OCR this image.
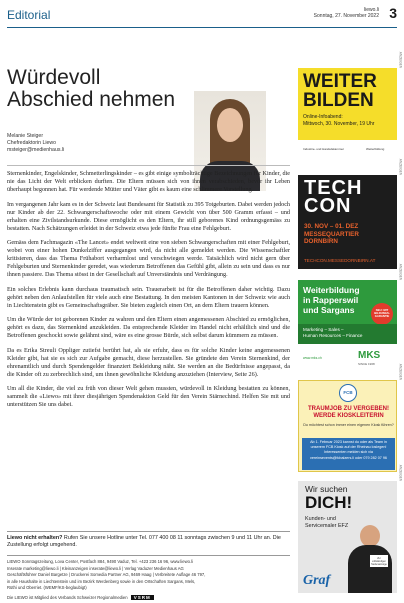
Editorial	liewo.li
Sonntag, 27. November 2022 3
Würdevoll
Abschied nehmen
Melanie Steiger
Chefredaktorin Liewo
msteiger@medienhaus.li

Sternenkinder, Engelskinder, Schmetterlingskinder – es gibt einige symbolträchtige Bezeichnungen für Kinder, die nie das Licht der Welt erblicken durften. Die Eltern müssen sich von ihnen verabschieden, bevor ihr Leben überhaupt begonnen hat. Für werdende Mütter und Väter gibt es kaum eine schlimmere Vorstellung.

Im vergangenen Jahr kam es in der Schweiz laut Bundesamt für Statistik zu 395 Totgeburten. Dabei werden jedoch nur Kinder ab der 22. Schwangerschaftswoche oder mit einem Gewicht von über 500 Gramm erfasst – und erhalten eine Zivilstandsurkunde. Diese ermöglicht es den Eltern, ihr still geborenes Kind ordnungsgemäss zu bestatten. Nach Schätzungen erleidet in der Schweiz etwa jede fünfte Frau eine Fehlgeburt.

Gemäss dem Fachmagazin «The Lancet» endet weltweit eine von sieben Schwangerschaften mit einer Fehlgeburt, wobei von einer hohen Dunkelziffer ausgegangen wird, da nicht alle gemeldet werden. Die Wissenschaftler kritisieren, dass das Thema Frühabort verharmlost und verschwiegen werde. Tatsächlich wird nicht gern über Fehlgeburten und Sternenkinder geredet, was wiederum Betroffenen das Gefühl gibt, allein zu sein und dass es nur ihnen passiere. Das Thema stösst in der Gesellschaft auf Unverständnis und Verdrängung.

Ein solches Erlebnis kann durchaus traumatisch sein. Trauerarbeit ist für die Betroffenen daher wichtig. Dazu gehört neben den Anlaufstellen für viele auch eine Bestattung. In den meisten Kantonen in der Schweiz wie auch in Liechtenstein gibt es Gemeinschaftsgräber. Sie bieten zugleich einen Ort, an dem Eltern trauern können.

Um die Würde der tot geborenen Kinder zu wahren und den Eltern einen angemessenen Abschied zu ermöglichen, gehört es dazu, das Sternenkind anzukleiden. Da entsprechende Kleider im Handel nicht erhältlich sind und die Betroffenen geschockt sowie gelähmt sind, wäre es eine grosse Bürde, sich selbst darum kümmern zu müssen.

Da es Erika Streuli Oppliger zutiefst berührt hat, als sie erfuhr, dass es für solche Kinder keine angemessenen Kleider gibt, hat sie es sich zur Aufgabe gemacht, diese herzustellen. Sie gründete den Verein Sternenkind, der ehrenamtlich und durch Spendengelder finanziert Bekleidung näht. Sie werden an die Bedürfnisse angepasst, da die Kinder oft zu zerbrechlich sind, um ihnen gewöhnliche Kleidung anzuziehen (Interview, Seite 26).

Um all die Kinder, die viel zu früh von dieser Welt gehen mussten, würdevoll in Kleidung bestatten zu können, sammelt die «Liewo» mit ihrer diesjährigen Spendenaktion Geld für den Verein Stärnechind. Helfen Sie mit und unterstützen Sie uns dabei.

Liewo nicht erhalten? Rufen Sie unsere Hotline unter Tel. 077 400 08 11 sonntags zwischen 9 und 11 Uhr an. Die Zustellung erfolgt umgehend.
LIEWO Sonntagszeitung, Lova Center, Postfach 884, 9490 Vaduz, Tel. +423 236 16 96, www.liewo.li
Inserate marketing@liewo.li | Kleinanzeigen inserate@liewo.li | Verlag Vaduzer Medienhaus AG
Geschäftsführer Daniel Bargetze | Druckerei Somedia Partner AG, 9469 Haag | Verbreitete Auflage 46 797,
in alle Haushalte in Liechtenstein und im Bezirk Werdenberg sowie in den Ortschaften Sargans, Mels,
Rüthi und Oberriet. (WEMF/KS-beglaubigt)
Die LIEWO ist Mitglied des Verbands Schweizer Regionalmedien VSRM
ANZEIGEN
WEITER
BILDEN
Online-Infoabend:
Mittwoch, 30. November, 19 Uhr
Industrie- und Handelskammer	Weiterbildung
ANZEIGEN
TECH
CON
30. NOV – 01. DEZ
MESSEQUARTIER
DORNBIRN
TECHCON.MESSEDORNBIRN.AT
ANZEIGEN
Weiterbildung
in Rapperswil
und Sargans	NEU: MIT BILDUNGS-GARANTIE
Marketing – Sales –
Human Resources – Finance
www.mks.ch	MKS
SINCE 1968	ANZEIGEN
FCB
TRAUMJOB ZU VERGEBEN!
WERDE KIOSKLEITERIN
Du möchtest schon immer einen eigenen Kiosk führen?
Ab 1. Februar 2023 kannst du oder als Team in unserem FCB Kiosk auf der Rheinau loslegen! Interessenten melden sich via vereinsevents@fcbalzers.li oder 079 282 07 96
ANZEIGEN
Wir suchen
DICH!
Kunden- und
Servicemaler EFZ
Zur vollständigen Stellenanzeige
Graf
